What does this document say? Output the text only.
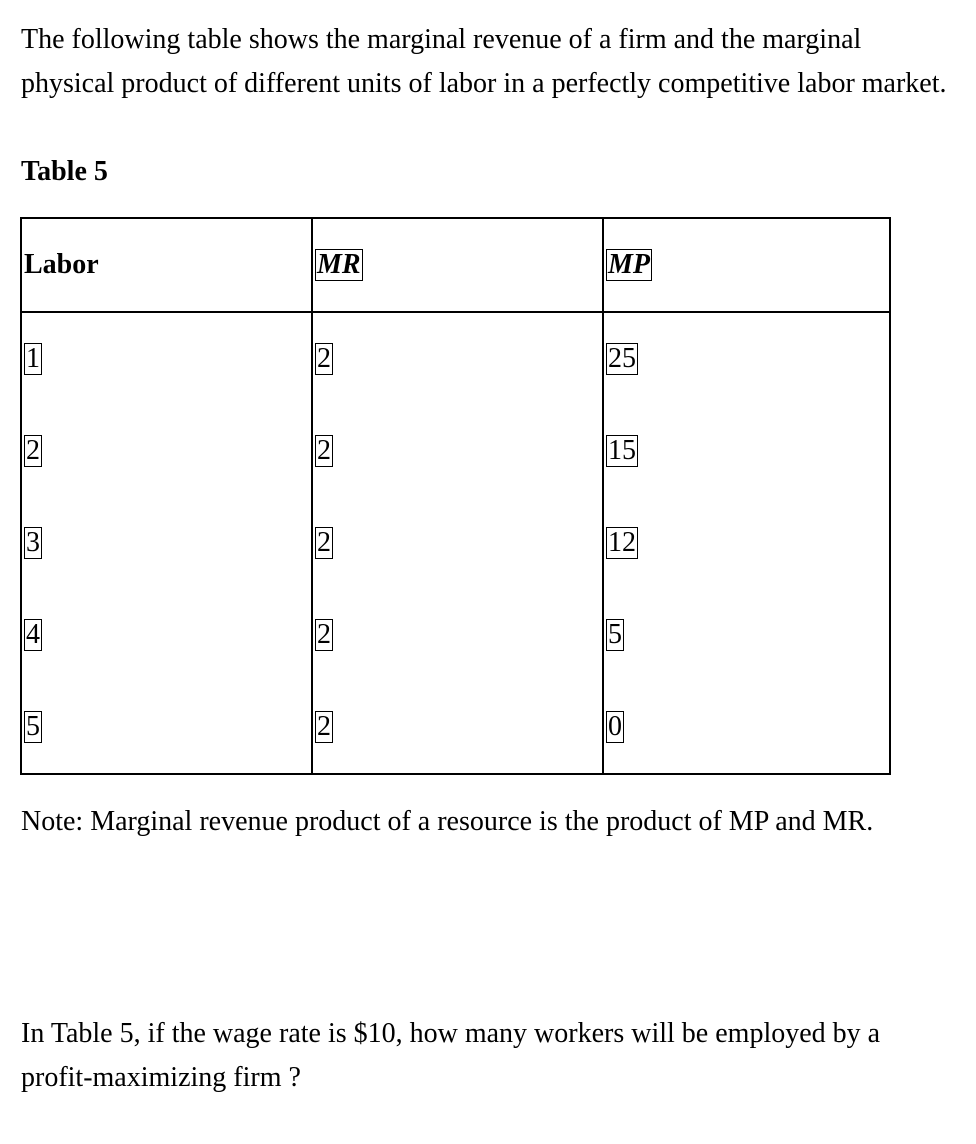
The following table shows the marginal revenue of a firm and the marginal physical product of different units of labor in a perfectly competitive labor market.

Table 5

Labor	MR	MP
1	2	25
2	2	15
3	2	12
4	2	5
5	2	0

Note: Marginal revenue product of a resource is the product of MP and MR.

In Table 5, if the wage rate is $10, how many workers will be employed by a profit-maximizing firm ?
